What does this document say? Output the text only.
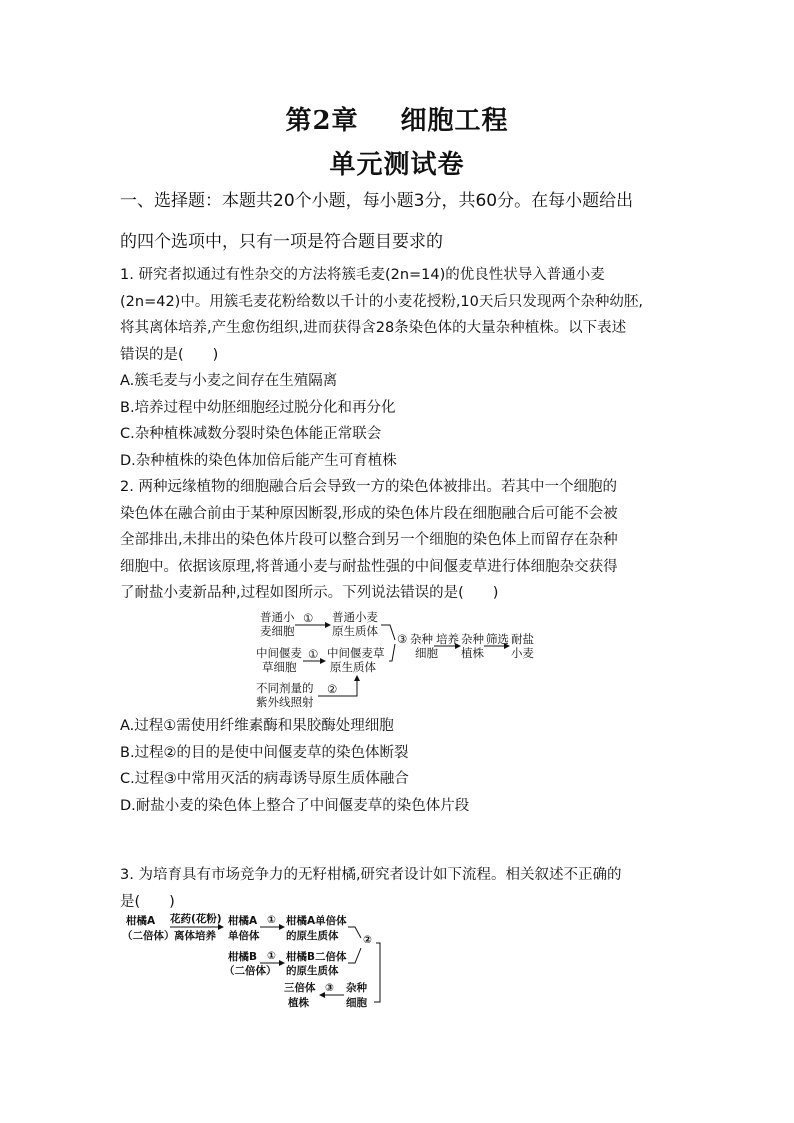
第2章 细胞工程
单元测试卷
一、选择题：本题共20个小题，每小题3分，共60分。在每小题给出
的四个选项中，只有一项是符合题目要求的
1. 研究者拟通过有性杂交的方法将簇毛麦(2n=14)的优良性状导入普通小麦
(2n=42)中。用簇毛麦花粉给数以千计的小麦花授粉,10天后只发现两个杂种幼胚,
将其离体培养,产生愈伤组织,进而获得含28条染色体的大量杂种植株。以下表述
错误的是(　　)
A.簇毛麦与小麦之间存在生殖隔离
B.培养过程中幼胚细胞经过脱分化和再分化
C.杂种植株减数分裂时染色体能正常联会
D.杂种植株的染色体加倍后能产生可育植株
2. 两种远缘植物的细胞融合后会导致一方的染色体被排出。若其中一个细胞的
染色体在融合前由于某种原因断裂,形成的染色体片段在细胞融合后可能不会被
全部排出,未排出的染色体片段可以整合到另一个细胞的染色体上而留存在杂种
细胞中。依据该原理,将普通小麦与耐盐性强的中间偃麦草进行体细胞杂交获得
了耐盐小麦新品种,过程如图所示。下列说法错误的是(　　)
普通小
麦细胞
① 普通小麦
原生质体
③ 杂种
细胞
培养 杂种
植株
筛选 耐盐
小麦
中间偃麦
草细胞
① 中间偃麦草
原生质体
不同剂量的
紫外线照射
②
A.过程①需使用纤维素酶和果胶酶处理细胞
B.过程②的目的是使中间偃麦草的染色体断裂
C.过程③中常用灭活的病毒诱导原生质体融合
D.耐盐小麦的染色体上整合了中间偃麦草的染色体片段
3. 为培育具有市场竞争力的无籽柑橘,研究者设计如下流程。相关叙述不正确的
是(　　)
柑橘A
（二倍体）
花药(花粉)
离体培养
柑橘A
单倍体
① 柑橘A单倍体
的原生质体 ②
柑橘B
（二倍体）
① 柑橘B二倍体
的原生质体
三倍体
植株
③ 杂种
细胞
